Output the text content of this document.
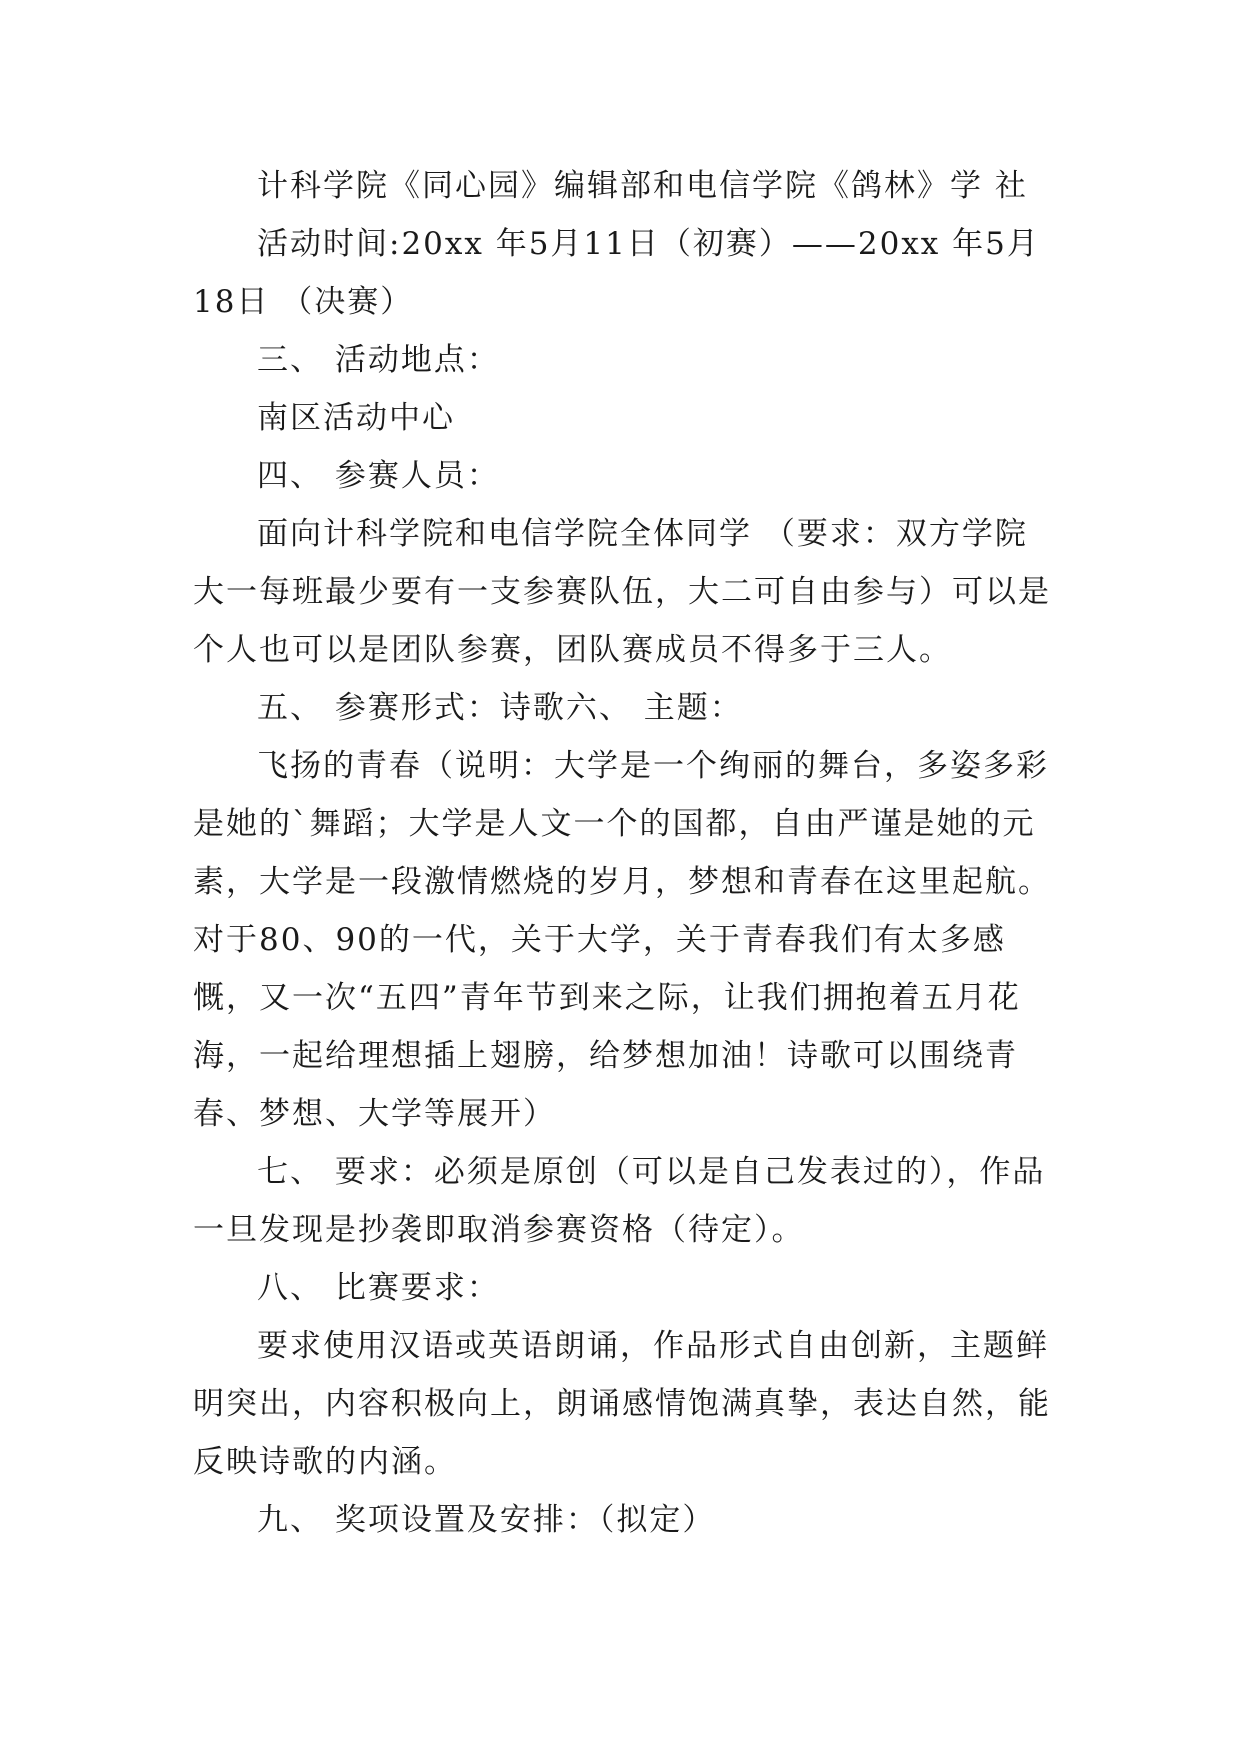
计科学院《同心园》编辑部和电信学院《鸽林》学 社

活动时间:20xx 年5月11日（初赛）——20xx 年5月18日 （决赛）

三、 活动地点：

南区活动中心

四、 参赛人员：

面向计科学院和电信学院全体同学 （要求：双方学院大一每班最少要有一支参赛队伍，大二可自由参与）可以是个人也可以是团队参赛，团队赛成员不得多于三人。

五、 参赛形式：诗歌六、 主题：

飞扬的青春（说明：大学是一个绚丽的舞台，多姿多彩是她的`舞蹈；大学是人文一个的国都，自由严谨是她的元素，大学是一段激情燃烧的岁月，梦想和青春在这里起航。对于80、90的一代，关于大学，关于青春我们有太多感慨，又一次“五四”青年节到来之际，让我们拥抱着五月花海，一起给理想插上翅膀，给梦想加油！诗歌可以围绕青春、梦想、大学等展开）

七、 要求：必须是原创（可以是自己发表过的），作品一旦发现是抄袭即取消参赛资格（待定）。

八、 比赛要求：

要求使用汉语或英语朗诵，作品形式自由创新，主题鲜明突出，内容积极向上，朗诵感情饱满真挚，表达自然，能反映诗歌的内涵。

九、 奖项设置及安排：（拟定）
